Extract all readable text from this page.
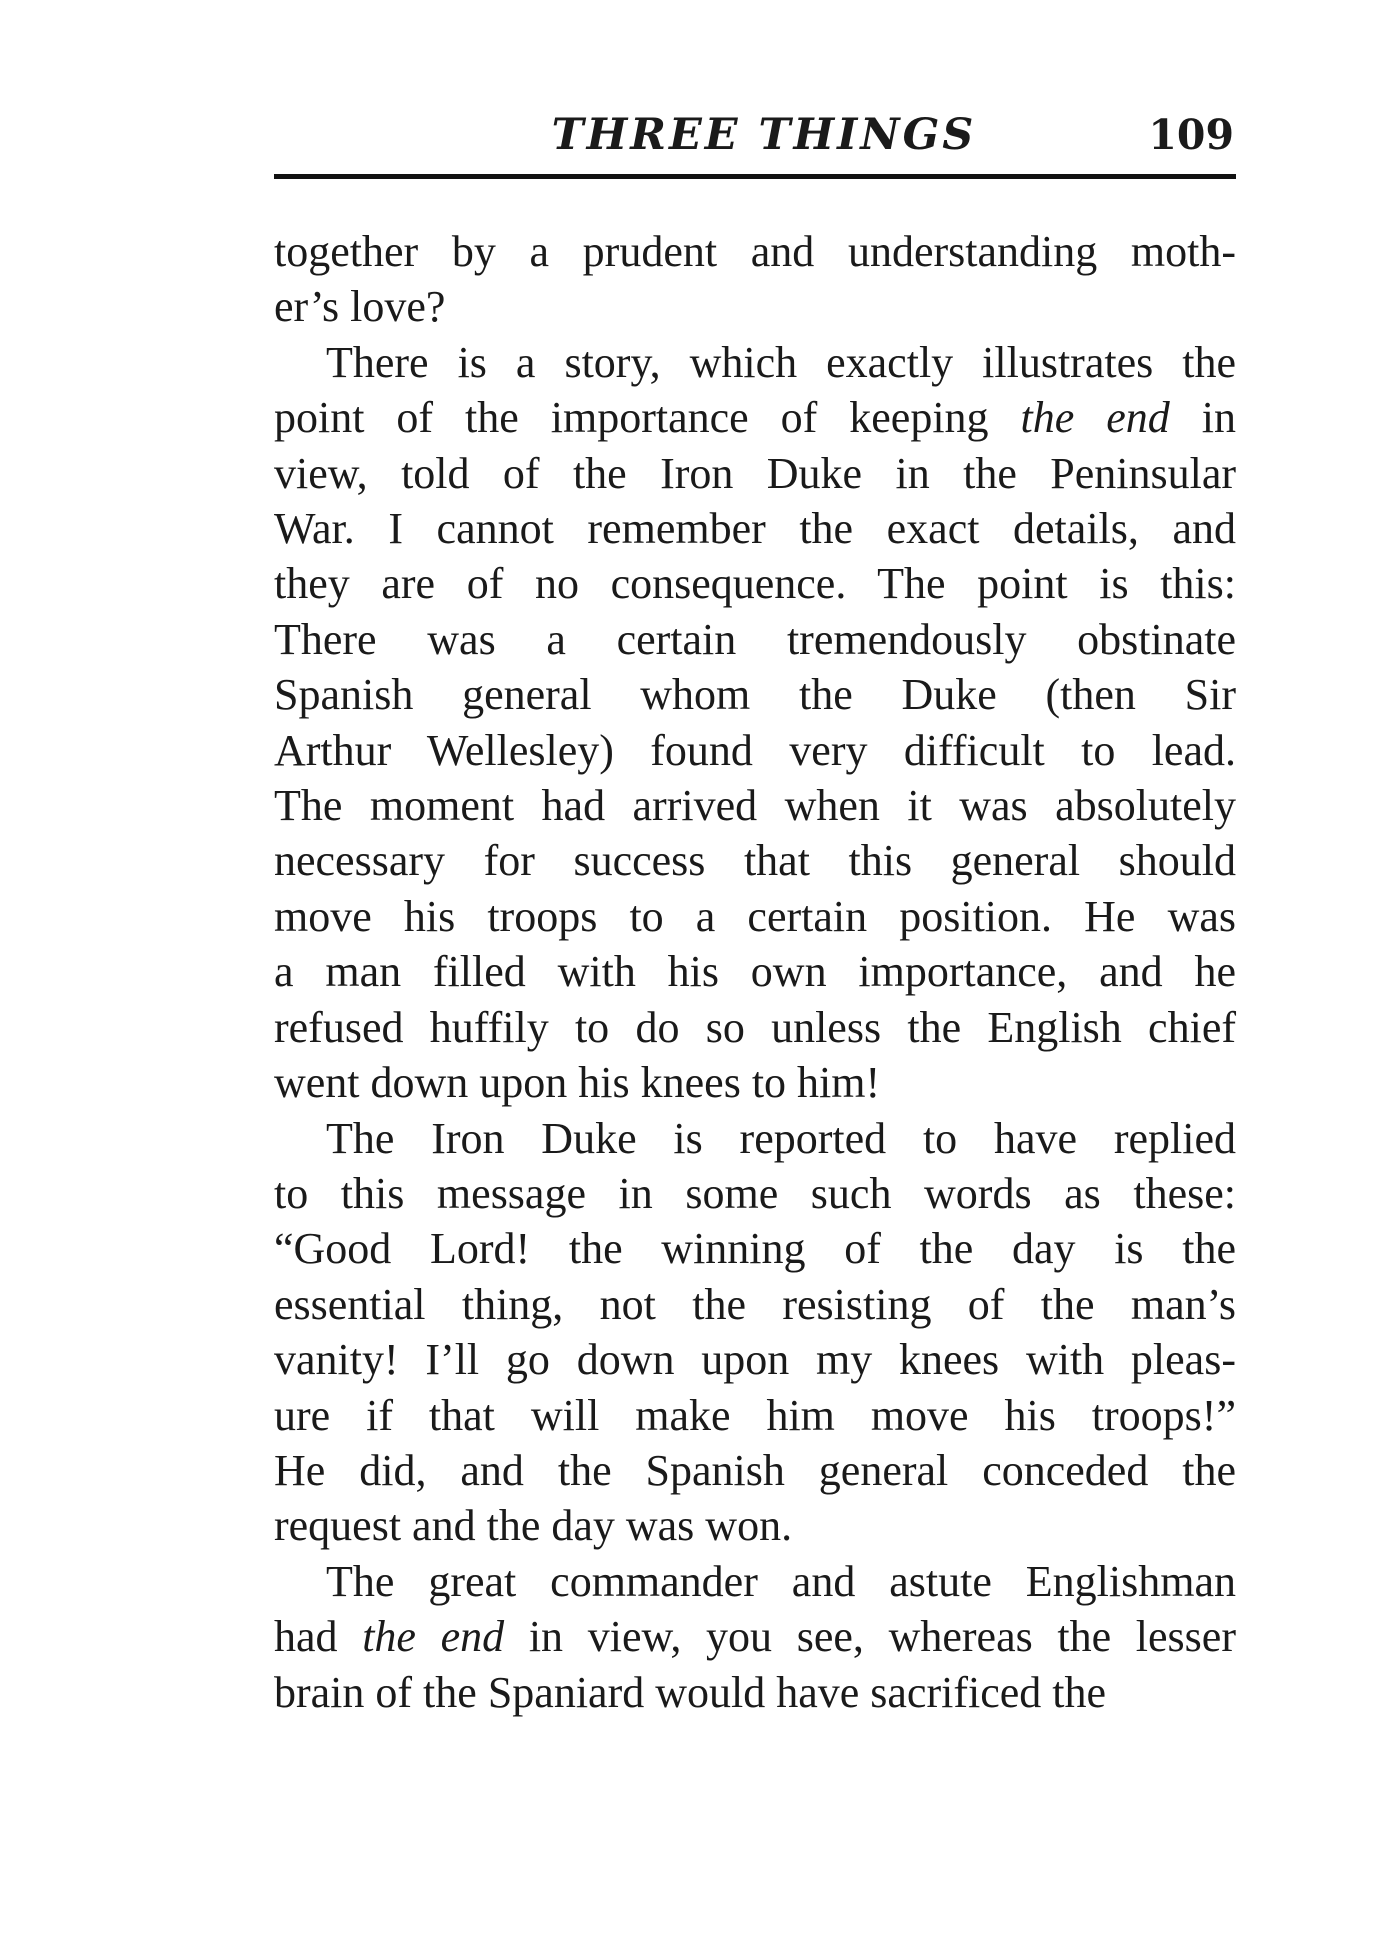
THREE THINGS	109
together by a prudent and understanding moth-
er’s love?
There is a story, which exactly illustrates the
point of the importance of keeping the end in
view, told of the Iron Duke in the Peninsular
War. I cannot remember the exact details, and
they are of no consequence. The point is this:
There was a certain tremendously obstinate
Spanish general whom the Duke (then Sir
Arthur Wellesley) found very difficult to lead.
The moment had arrived when it was absolutely
necessary for success that this general should
move his troops to a certain position. He was
a man filled with his own importance, and he
refused huffily to do so unless the English chief
went down upon his knees to him!
The Iron Duke is reported to have replied
to this message in some such words as these:
“Good Lord! the winning of the day is the
essential thing, not the resisting of the man’s
vanity! I’ll go down upon my knees with pleas-
ure if that will make him move his troops!”
He did, and the Spanish general conceded the
request and the day was won.
The great commander and astute Englishman
had the end in view, you see, whereas the lesser
brain of the Spaniard would have sacrificed the
